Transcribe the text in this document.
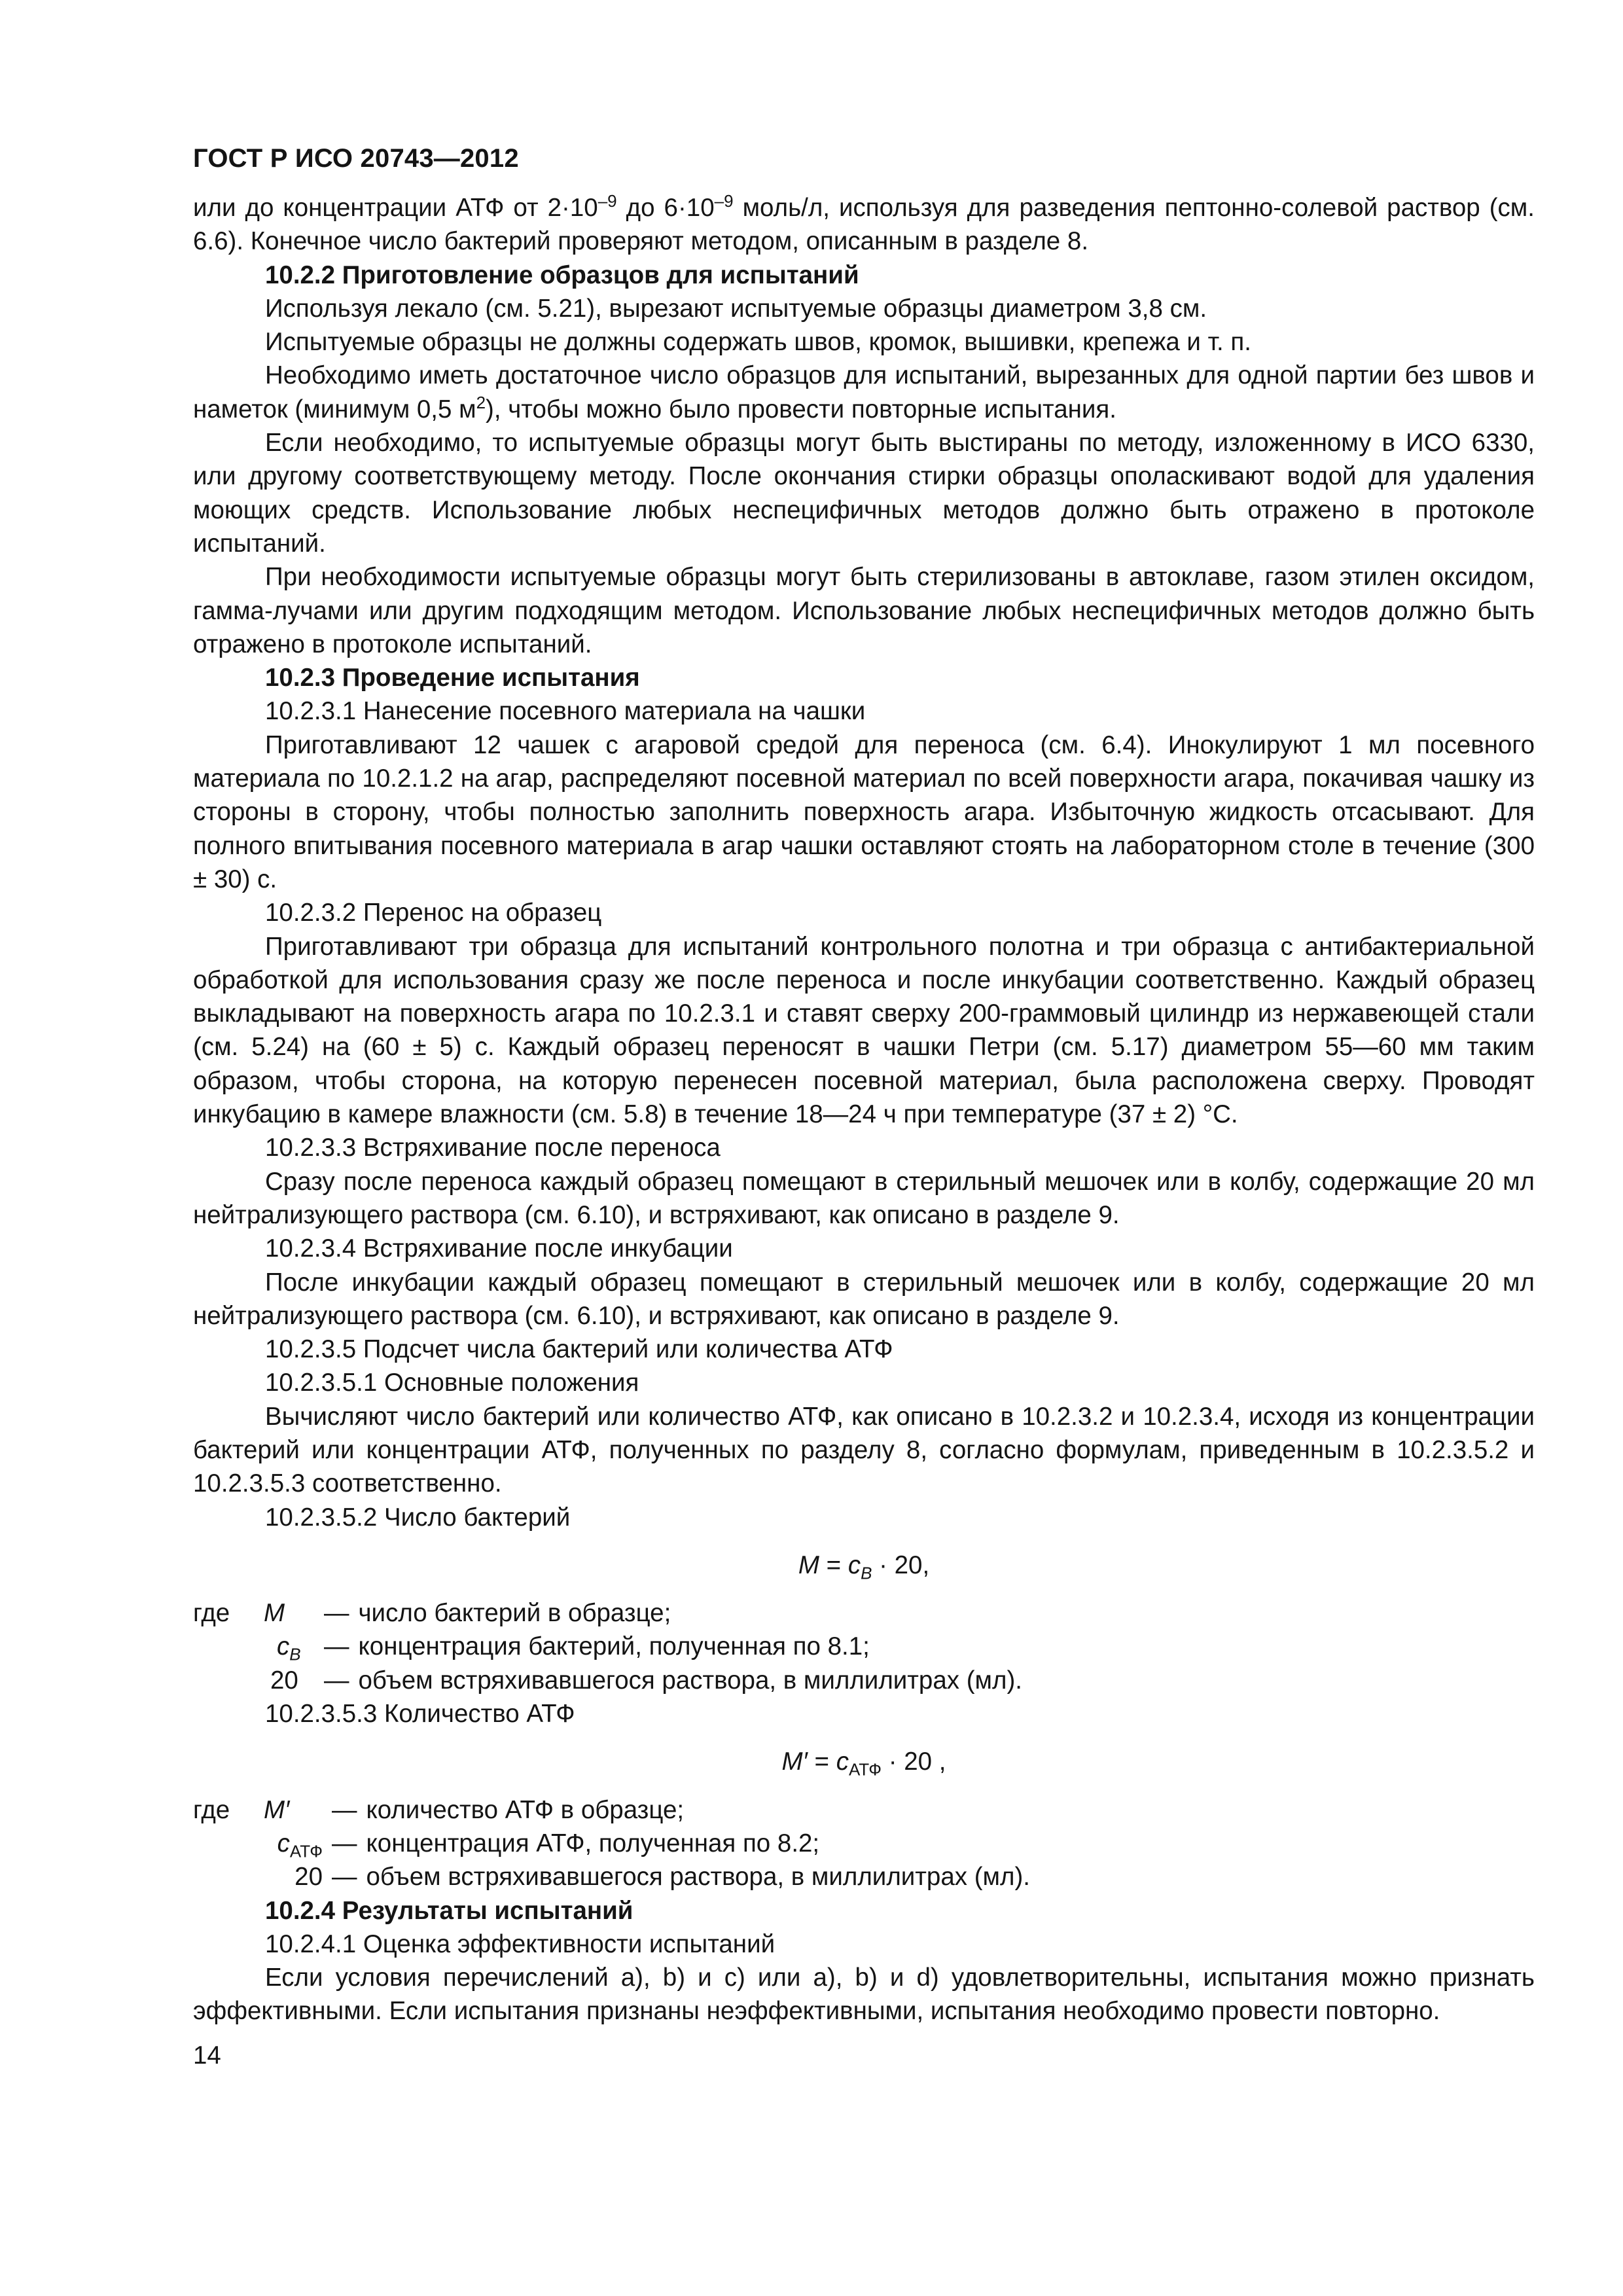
ГОСТ Р ИСО 20743—2012

или до концентрации АТФ от $2\cdot 10^{-9}$ до $6\cdot 10^{-9}$ моль/л, используя для разведения пептонно-солевой раствор (см. 6.6). Конечное число бактерий проверяют методом, описанным в разделе 8.

10.2.2 Приготовление образцов для испытаний

Используя лекало (см. 5.21), вырезают испытуемые образцы диаметром 3,8 см.

Испытуемые образцы не должны содержать швов, кромок, вышивки, крепежа и т. п.

Необходимо иметь достаточное число образцов для испытаний, вырезанных для одной партии без швов и наметок (минимум 0,5 $м^2$), чтобы можно было провести повторные испытания.

Если необходимо, то испытуемые образцы могут быть выстираны по методу, изложенному в ИСО 6330, или другому соответствующему методу. После окончания стирки образцы ополаскивают водой для удаления моющих средств. Использование любых неспецифичных методов должно быть отражено в протоколе испытаний.

При необходимости испытуемые образцы могут быть стерилизованы в автоклаве, газом этилен оксидом, гамма-лучами или другим подходящим методом. Использование любых неспецифичных методов должно быть отражено в протоколе испытаний.

10.2.3 Проведение испытания

10.2.3.1 Нанесение посевного материала на чашки

Приготавливают 12 чашек с агаровой средой для переноса (см. 6.4). Инокулируют 1 мл посевного материала по 10.2.1.2 на агар, распределяют посевной материал по всей поверхности агара, покачивая чашку из стороны в сторону, чтобы полностью заполнить поверхность агара. Избыточную жидкость отсасывают. Для полного впитывания посевного материала в агар чашки оставляют стоять на лабораторном столе в течение (300 ± 30) с.

10.2.3.2 Перенос на образец

Приготавливают три образца для испытаний контрольного полотна и три образца с антибактериальной обработкой для использования сразу же после переноса и после инкубации соответственно. Каждый образец выкладывают на поверхность агара по 10.2.3.1 и ставят сверху 200-граммовый цилиндр из нержавеющей стали (см. 5.24) на (60 ± 5) с. Каждый образец переносят в чашки Петри (см. 5.17) диаметром 55—60 мм таким образом, чтобы сторона, на которую перенесен посевной материал, была расположена сверху. Проводят инкубацию в камере влажности (см. 5.8) в течение 18—24 ч при температуре (37 ± 2) °С.

10.2.3.3 Встряхивание после переноса

Сразу после переноса каждый образец помещают в стерильный мешочек или в колбу, содержащие 20 мл нейтрализующего раствора (см. 6.10), и встряхивают, как описано в разделе 9.

10.2.3.4 Встряхивание после инкубации

После инкубации каждый образец помещают в стерильный мешочек или в колбу, содержащие 20 мл нейтрализующего раствора (см. 6.10), и встряхивают, как описано в разделе 9.

10.2.3.5 Подсчет числа бактерий или количества АТФ

10.2.3.5.1 Основные положения

Вычисляют число бактерий или количество АТФ, как описано в 10.2.3.2 и 10.2.3.4, исходя из концентрации бактерий или концентрации АТФ, полученных по разделу 8, согласно формулам, приведенным в 10.2.3.5.2 и 10.2.3.5.3 соответственно.

10.2.3.5.2 Число бактерий

$M = c_B \cdot 20$,
где	M	— число бактерий в образце;
$c_B$ — концентрация бактерий, полученная по 8.1;
20	— объем встряхивавшегося раствора, в миллилитрах (мл).

10.2.3.5.3 Количество АТФ

$M' = c_{АТФ} \cdot 20$ ,
где	M′	— количество АТФ в образце;
$c_{АТФ}$ — концентрация АТФ, полученная по 8.2;
20 — объем встряхивавшегося раствора, в миллилитрах (мл).

10.2.4 Результаты испытаний

10.2.4.1 Оценка эффективности испытаний

Если условия перечислений а), b) и с) или а), b) и d) удовлетворительны, испытания можно признать эффективными. Если испытания признаны неэффективными, испытания необходимо провести повторно.

14
